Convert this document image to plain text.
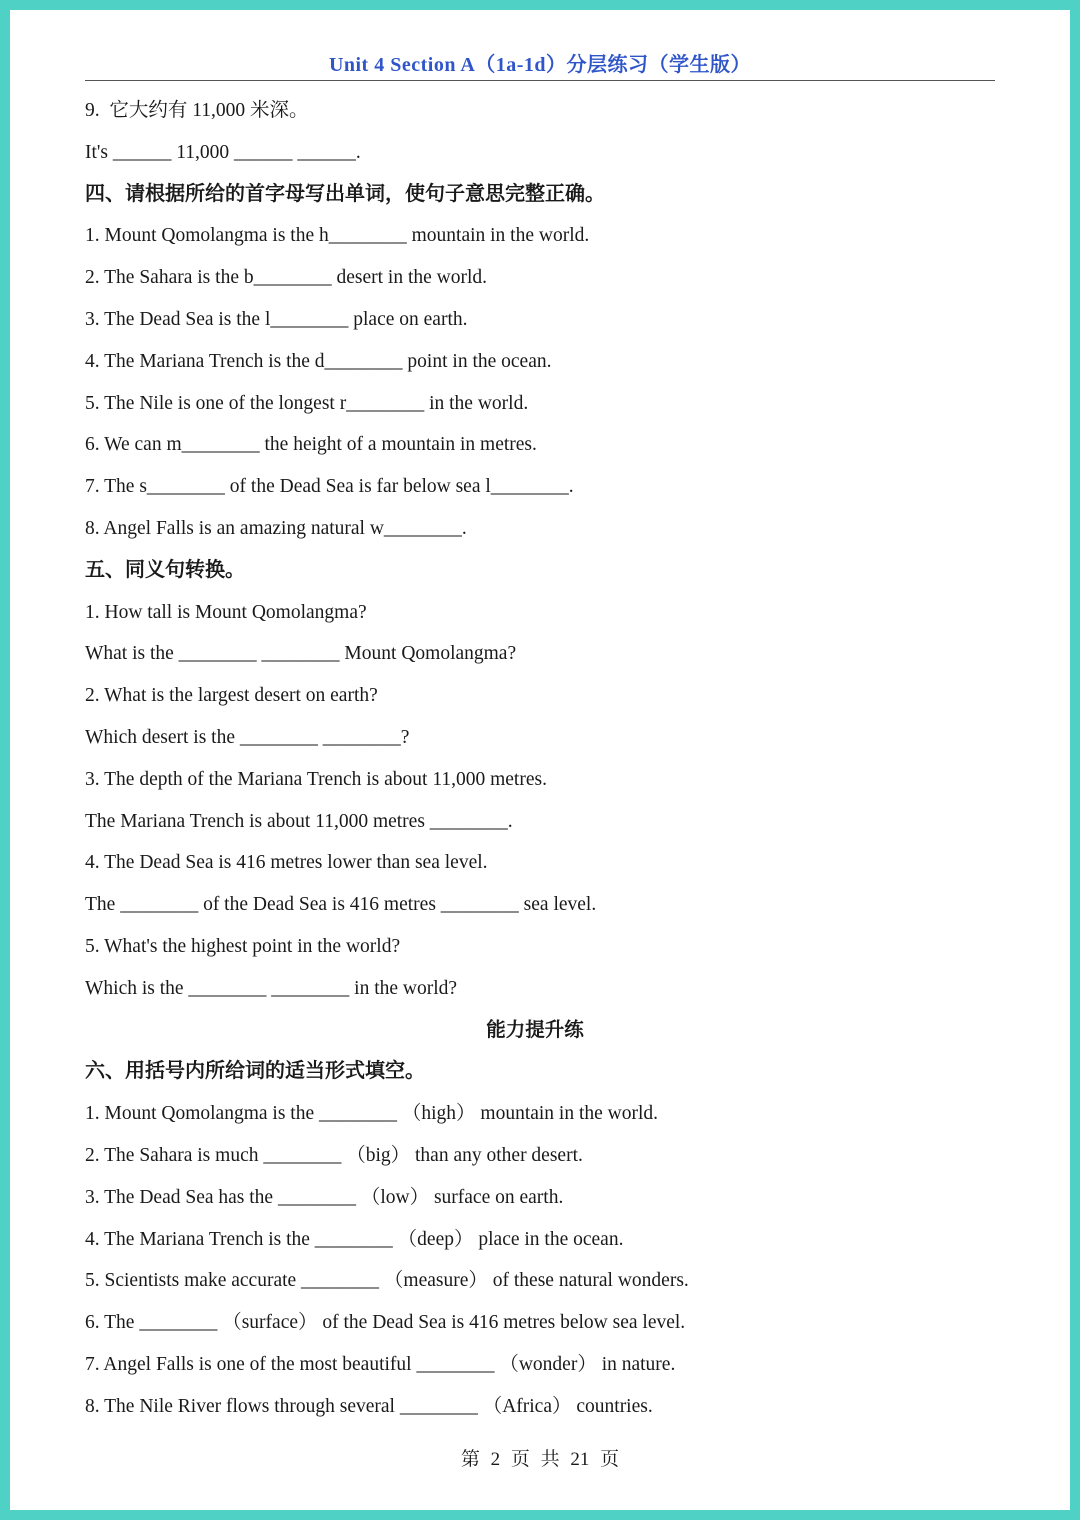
Unit 4 Section A（1a-1d）分层练习（学生版）
9.  它大约有 11,000 米深。
It's ______ 11,000 ______ ______.
四、请根据所给的首字母写出单词，使句子意思完整正确。
1. Mount Qomolangma is the h________ mountain in the world.
2. The Sahara is the b________ desert in the world.
3. The Dead Sea is the l________ place on earth.
4. The Mariana Trench is the d________ point in the ocean.
5. The Nile is one of the longest r________ in the world.
6. We can m________ the height of a mountain in metres.
7. The s________ of the Dead Sea is far below sea l________.
8. Angel Falls is an amazing natural w________.
五、同义句转换。
1. How tall is Mount Qomolangma?
What is the ________ ________ Mount Qomolangma?
2. What is the largest desert on earth?
Which desert is the ________ ________?
3. The depth of the Mariana Trench is about 11,000 metres.
The Mariana Trench is about 11,000 metres ________.
4. The Dead Sea is 416 metres lower than sea level.
The ________ of the Dead Sea is 416 metres ________ sea level.
5. What's the highest point in the world?
Which is the ________ ________ in the world?
能力提升练
六、用括号内所给词的适当形式填空。
1. Mount Qomolangma is the ________ （high） mountain in the world.
2. The Sahara is much ________ （big） than any other desert.
3. The Dead Sea has the ________ （low） surface on earth.
4. The Mariana Trench is the ________ （deep） place in the ocean.
5. Scientists make accurate ________ （measure） of these natural wonders.
6. The ________ （surface） of the Dead Sea is 416 metres below sea level.
7. Angel Falls is one of the most beautiful ________ （wonder） in nature.
8. The Nile River flows through several ________ （Africa） countries.
第 2 页 共 21 页
